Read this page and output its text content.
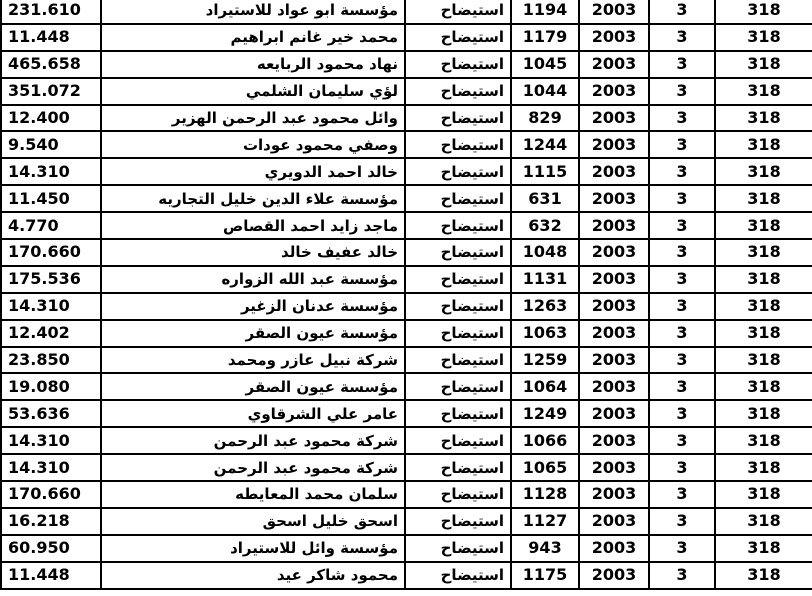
231.610	مؤسسة ابو عواد للاستيراد	استيضاح	1194	2003	3	318
11.448	محمد خير غانم ابراهيم	استيضاح	1179	2003	3	318
465.658	نهاد محمود الربايعه	استيضاح	1045	2003	3	318
351.072	لؤي سليمان الشلمي	استيضاح	1044	2003	3	318
12.400	وائل محمود عبد الرحمن الهزير	استيضاح	829	2003	3	318
9.540	وصفي محمود عودات	استيضاح	1244	2003	3	318
14.310	خالد احمد الدويري	استيضاح	1115	2003	3	318
11.450	مؤسسة علاء الدين خليل التجاريه	استيضاح	631	2003	3	318
4.770	ماجد زايد احمد القصاص	استيضاح	632	2003	3	318
170.660	خالد عفيف خالد	استيضاح	1048	2003	3	318
175.536	مؤسسة عبد الله الزواره	استيضاح	1131	2003	3	318
14.310	مؤسسة عدنان الزغير	استيضاح	1263	2003	3	318
12.402	مؤسسة عيون الصقر	استيضاح	1063	2003	3	318
23.850	شركة نبيل عازر ومحمد	استيضاح	1259	2003	3	318
19.080	مؤسسة عيون الصقر	استيضاح	1064	2003	3	318
53.636	عامر علي الشرقاوي	استيضاح	1249	2003	3	318
14.310	شركة محمود عبد الرحمن	استيضاح	1066	2003	3	318
14.310	شركة محمود عبد الرحمن	استيضاح	1065	2003	3	318
170.660	سلمان محمد المعايطه	استيضاح	1128	2003	3	318
16.218	اسحق خليل اسحق	استيضاح	1127	2003	3	318
60.950	مؤسسة وائل للاستيراد	استيضاح	943	2003	3	318
11.448	محمود شاكر عيد	استيضاح	1175	2003	3	318
